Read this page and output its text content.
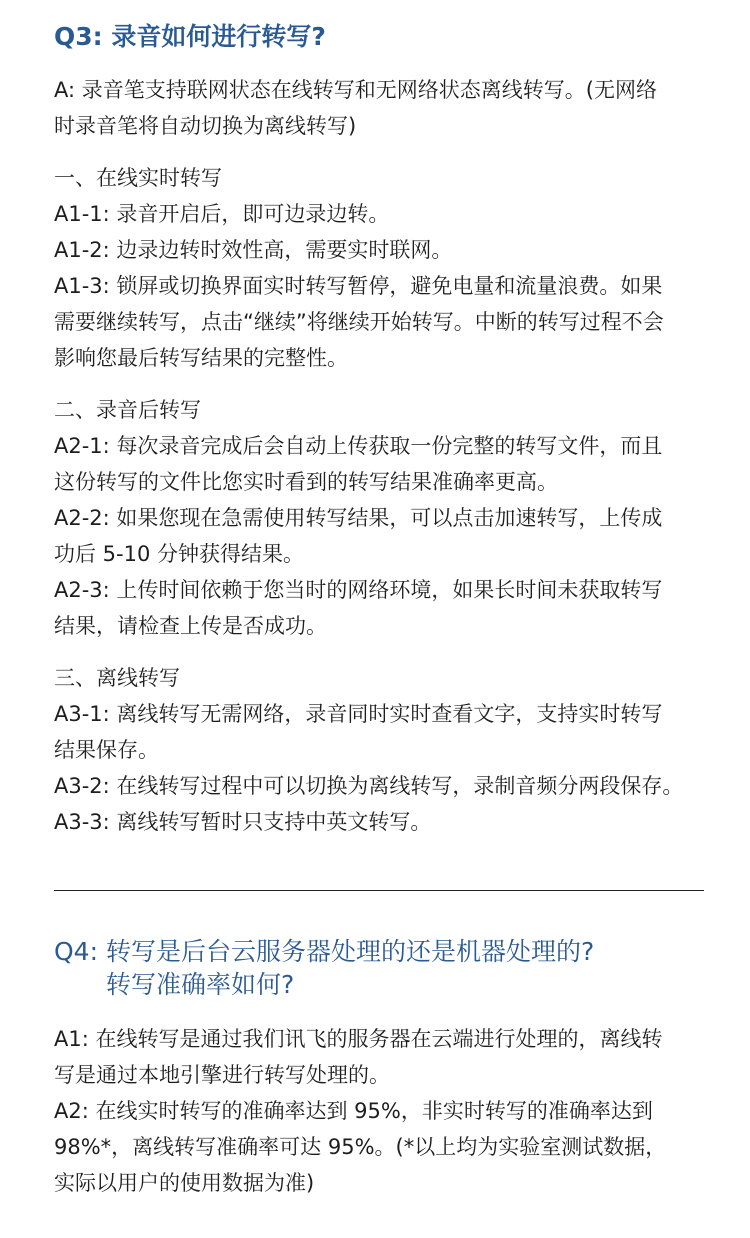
Q3: 录音如何进行转写?

A: 录音笔支持联网状态在线转写和无网络状态离线转写。(无网络

时录音笔将自动切换为离线转写)

一、在线实时转写

A1-1: 录音开启后，即可边录边转。

A1-2: 边录边转时效性高，需要实时联网。

A1-3: 锁屏或切换界面实时转写暂停，避免电量和流量浪费。如果

需要继续转写，点击“继续”将继续开始转写。中断的转写过程不会

影响您最后转写结果的完整性。

二、录音后转写

A2-1: 每次录音完成后会自动上传获取一份完整的转写文件，而且

这份转写的文件比您实时看到的转写结果准确率更高。

A2-2: 如果您现在急需使用转写结果，可以点击加速转写，上传成

功后 5-10 分钟获得结果。

A2-3: 上传时间依赖于您当时的网络环境，如果长时间未获取转写

结果，请检查上传是否成功。

三、离线转写

A3-1: 离线转写无需网络，录音同时实时查看文字，支持实时转写

结果保存。

A3-2: 在线转写过程中可以切换为离线转写，录制音频分两段保存。

A3-3: 离线转写暂时只支持中英文转写。

Q4: 转写是后台云服务器处理的还是机器处理的?
转写准确率如何?

A1: 在线转写是通过我们讯飞的服务器在云端进行处理的，离线转

写是通过本地引擎进行转写处理的。

A2: 在线实时转写的准确率达到 95%，非实时转写的准确率达到

98%*，离线转写准确率可达 95%。(*以上均为实验室测试数据，

实际以用户的使用数据为准)
